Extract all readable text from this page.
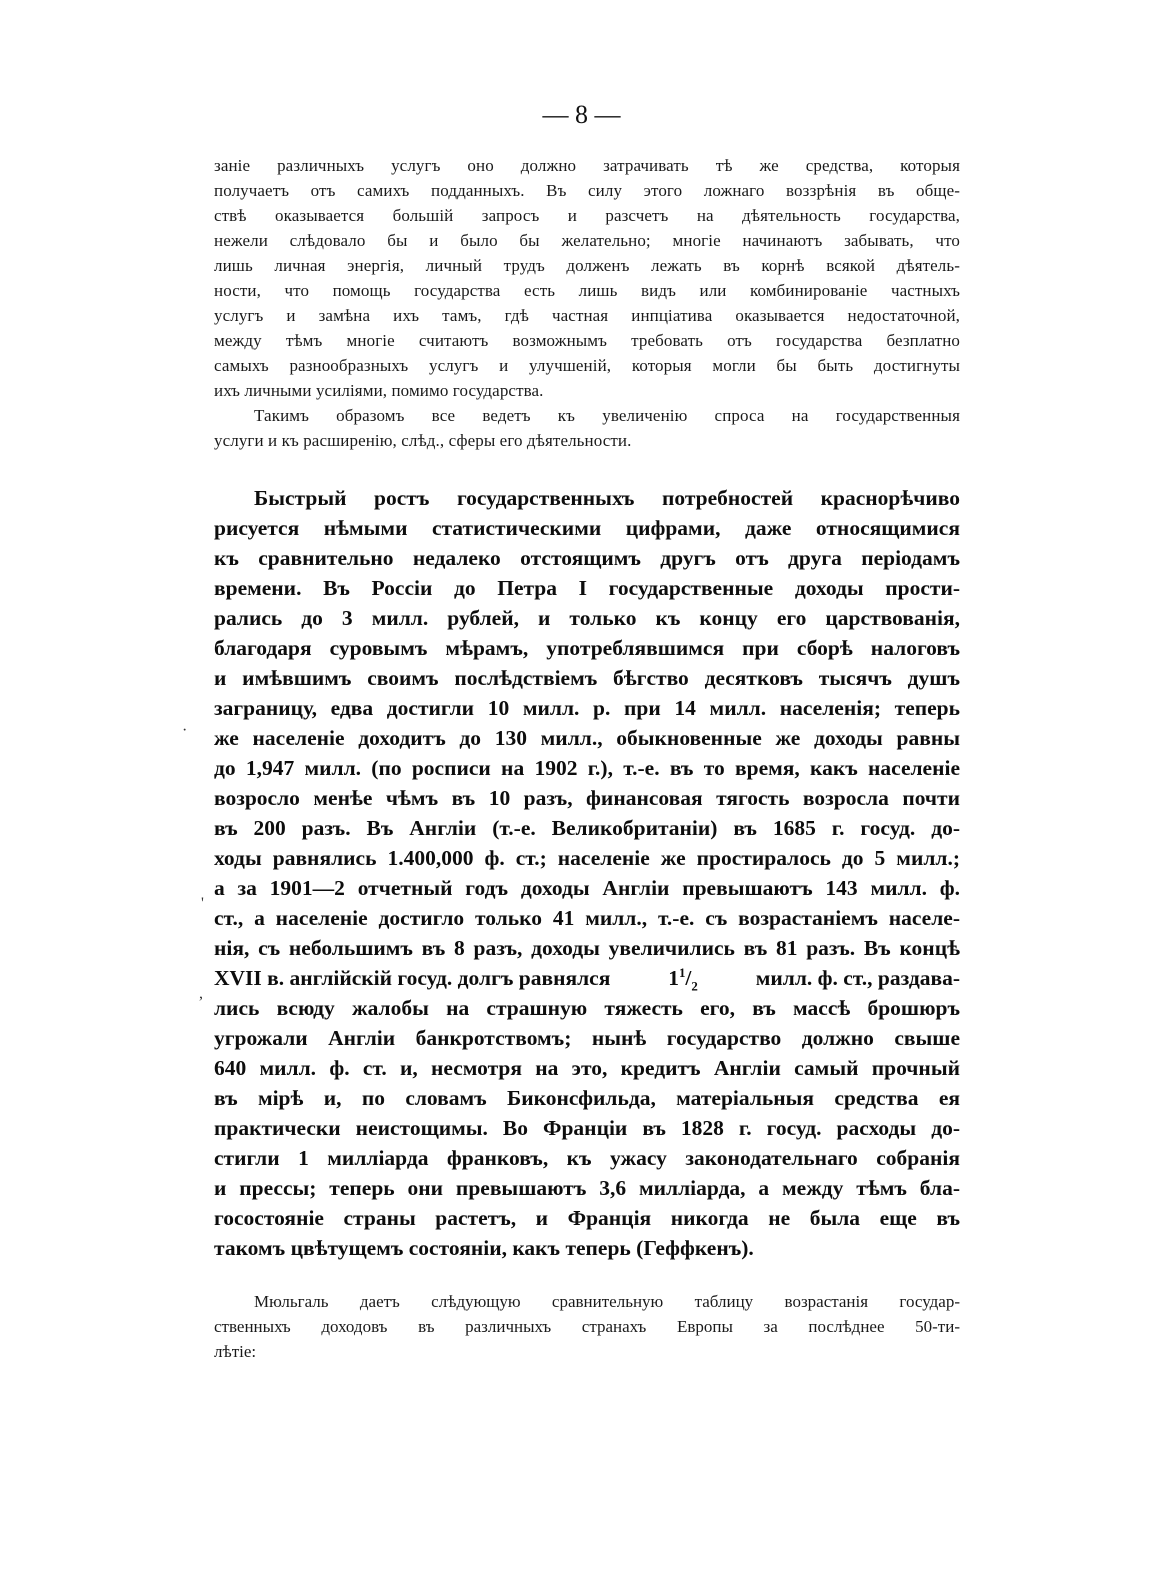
— 8 —
заніе различныхъ услугъ оно должно затрачивать тѣ же средства, которыя
получаетъ отъ самихъ подданныхъ. Въ силу этого ложнаго воззрѣнія въ обще-
ствѣ оказывается большій запросъ и разсчетъ на дѣятельность государства,
нежели слѣдовало бы и было бы желательно; многіе начинаютъ забывать, что
лишь личная энергія, личный трудъ долженъ лежать въ корнѣ всякой дѣятель-
ности, что помощь государства есть лишь видъ или комбинированіе частныхъ
услугъ и замѣна ихъ тамъ, гдѣ частная инпціатива оказывается недостаточной,
между тѣмъ многіе считаютъ возможнымъ требовать отъ государства безплатно
самыхъ разнообразныхъ услугъ и улучшеній, которыя могли бы быть достигнуты
ихъ личными усиліями, помимо государства.
Такимъ образомъ все ведетъ къ увеличенію спроса на государственныя
услуги и къ расширенію, слѣд., сферы его дѣятельности.
Быстрый ростъ государственныхъ потребностей краснорѣчиво
рисуется нѣмыми статистическими цифрами, даже относящимися
къ сравнительно недалеко отстоящимъ другъ отъ друга періодамъ
времени. Въ Россіи до Петра I государственные доходы прости-
рались до 3 милл. рублей, и только къ концу его царствованія,
благодаря суровымъ мѣрамъ, употреблявшимся при сборѣ налоговъ
и имѣвшимъ своимъ послѣдствіемъ бѣгство десятковъ тысячъ душъ
заграницу, едва достигли 10 милл. р. при 14 милл. населенія; теперь
же населеніе доходитъ до 130 милл., обыкновенные же доходы равны
до 1,947 милл. (по росписи на 1902 г.), т.-е. въ то время, какъ населеніе
возросло менѣе чѣмъ въ 10 разъ, финансовая тягость возросла почти
въ 200 разъ. Въ Англіи (т.-е. Великобританіи) въ 1685 г. госуд. до-
ходы равнялись 1.400,000 ф. ст.; населеніе же простиралось до 5 милл.;
а за 1901—2 отчетный годъ доходы Англіи превышаютъ 143 милл. ф.
ст., а населеніе достигло только 41 милл., т.-е. съ возрастаніемъ населе-
нія, съ небольшимъ въ 8 разъ, доходы увеличились въ 81 разъ. Въ концѣ
XVII в. англійскій госуд. долгъ равнялся	$1^1/_2$	милл. ф. ст., раздава-
лись всюду жалобы на страшную тяжесть его, въ массѣ брошюръ
угрожали Англіи банкротствомъ; нынѣ государство должно свыше
640 милл. ф. ст. и, несмотря на это, кредитъ Англіи самый прочный
въ мірѣ и, по словамъ Биконсфильда, матеріальныя средства ея
практически неистощимы. Во Франціи въ 1828 г. госуд. расходы до-
стигли 1 милліарда франковъ, къ ужасу законодательнаго собранія
и прессы; теперь они превышаютъ 3,6 милліарда, а между тѣмъ бла-
госостояніе страны растетъ, и Франція никогда не была еще въ
такомъ цвѣтущемъ состояніи, какъ теперь (Геффкенъ).
Мюльгаль даетъ слѣдующую сравнительную таблицу возрастанія государ-
ственныхъ доходовъ въ различныхъ странахъ Европы за послѣднее 50-ти-
лѣтіе:
·
'
,
